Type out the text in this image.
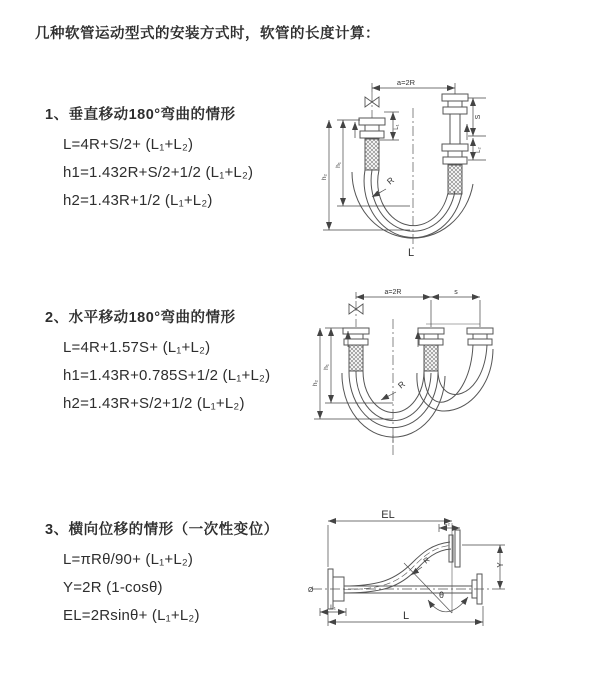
几种软管运动型式的安装方式时，软管的长度计算：
1、垂直移动180°弯曲的情形
L=4R+S/2+ (L₁+L₂)
h1=1.432R+S/2+1/2 (L₁+L₂)
h2=1.43R+1/2 (L₁+L₂)
2、水平移动180°弯曲的情形
L=4R+1.57S+ (L₁+L₂)
h1=1.43R+0.785S+1/2 (L₁+L₂)
h2=1.43R+S/2+1/2 (L₁+L₂)
3、横向位移的情形（一次性变位）
L=πRθ/90+ (L₁+L₂)
Y=2R (1-cosθ)
EL=2Rsinθ+ (L₁+L₂)
a=2R
L₁
S
L₂
h₁
h₂	R
L
a=2R	s
h₁
h₂	R
EL
L₂
Y
R
θ
L₁
L
Ø
